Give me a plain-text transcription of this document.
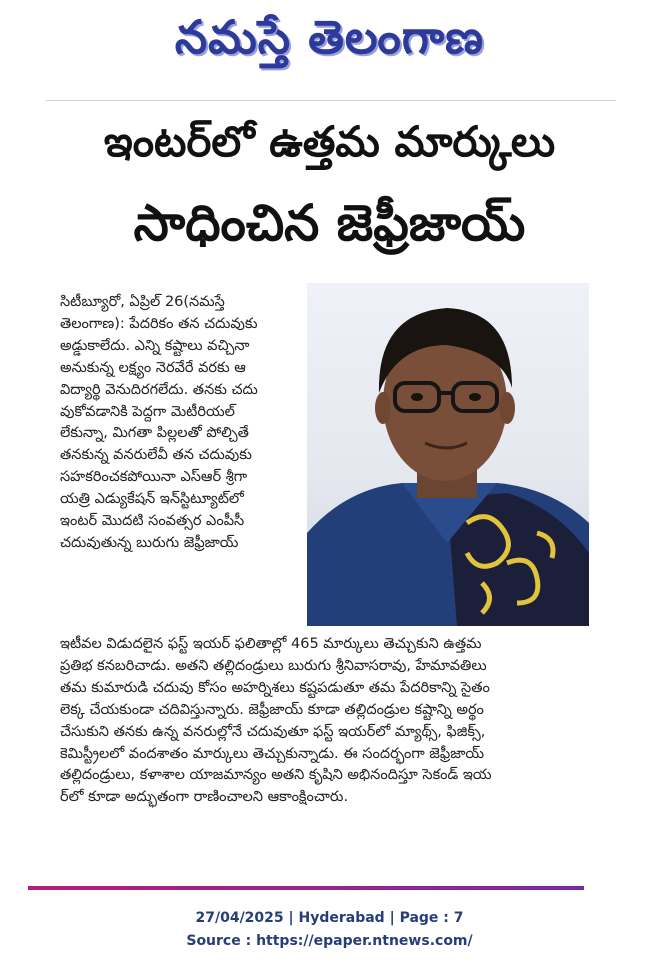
నమస్తే తెలంగాణ
ఇంటర్‌లో ఉత్తమ మార్కులు
సాధించిన జెఫ్రీజాయ్
సిటీబ్యూరో, ఏప్రిల్ 26(నమస్తే
తెలంగాణ): పేదరికం తన చదువుకు
అడ్డుకాలేదు. ఎన్ని కష్టాలు వచ్చినా
అనుకున్న లక్ష్యం నెరవేరే వరకు ఆ
విద్యార్థి వెనుదిరగలేదు. తనకు చదు
వుకోవడానికి పెద్దగా మెటీరియల్
లేకున్నా, మిగతా పిల్లలతో పోల్చితే
తనకున్న వనరులేవీ తన చదువుకు
సహకరించకపోయినా ఎస్ఆర్ శ్రీగా
యత్రి ఎడ్యుకేషన్ ఇన్‌స్టిట్యూట్‌లో
ఇంటర్ మొదటి సంవత్సర ఎంపీసీ
చదువుతున్న బురుగు జెఫ్రీజాయ్
ఇటీవల విడుదలైన ఫస్ట్ ఇయర్ ఫలితాల్లో 465 మార్కులు తెచ్చుకుని ఉత్తమ
ప్రతిభ కనబరిచాడు. అతని తల్లిదండ్రులు బురుగు శ్రీనివాసరావు, హేమావతిలు
తమ కుమారుడి చదువు కోసం అహర్నిశలు కష్టపడుతూ తమ పేదరికాన్ని సైతం
లెక్క చేయకుండా చదివిస్తున్నారు. జెఫ్రీజాయ్ కూడా తల్లిదండ్రుల కష్టాన్ని అర్థం
చేసుకుని తనకు ఉన్న వనరుల్లోనే చదువుతూ ఫస్ట్ ఇయర్‌లో మ్యాథ్స్, ఫిజిక్స్,
కెమిస్ట్రీలలో వందశాతం మార్కులు తెచ్చుకున్నాడు. ఈ సందర్భంగా జెఫ్రీజాయ్
తల్లిదండ్రులు, కళాశాల యాజమాన్యం అతని కృషిని అభినందిస్తూ సెకండ్ ఇయ
ర్‌లో కూడా అద్భుతంగా రాణించాలని ఆకాంక్షించారు.
27/04/2025 | Hyderabad | Page : 7
Source : https://epaper.ntnews.com/
